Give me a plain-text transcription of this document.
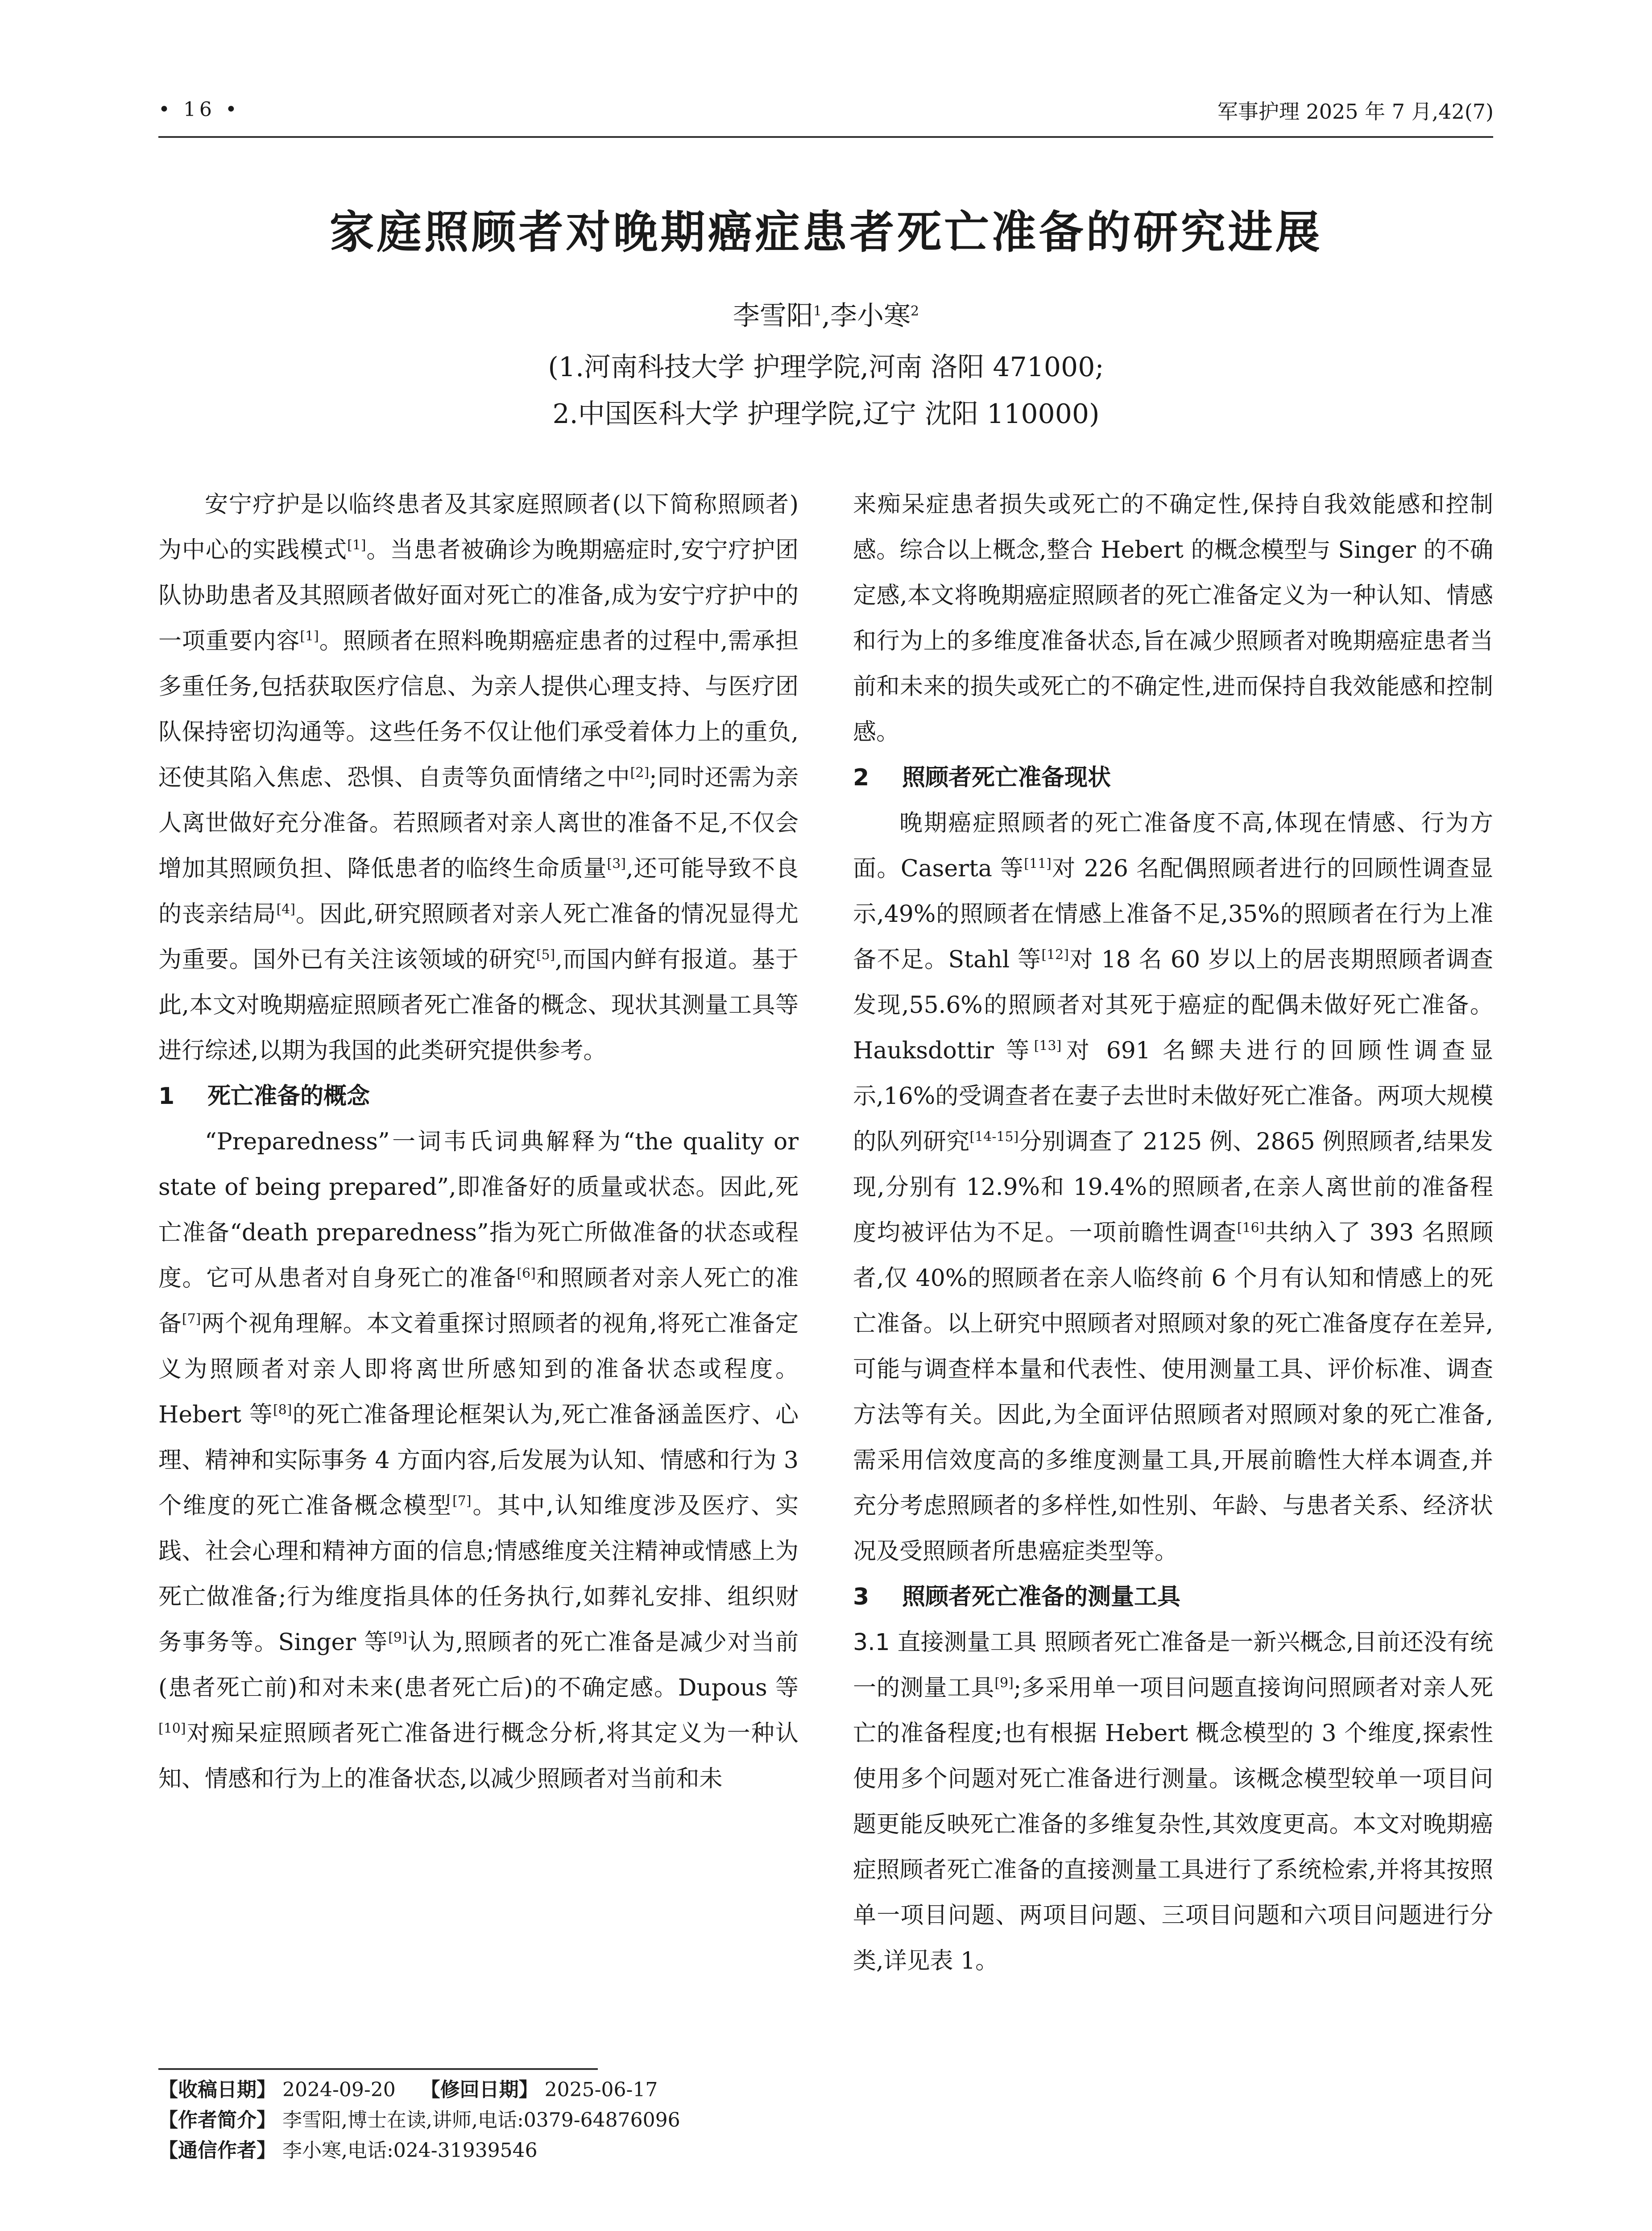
• 16 •	军事护理 2025 年 7 月,42(7)
家庭照顾者对晚期癌症患者死亡准备的研究进展
李雪阳$^1$,李小寒$^2$
(1.河南科技大学 护理学院,河南 洛阳 471000;
2.中国医科大学 护理学院,辽宁 沈阳 110000)

安宁疗护是以临终患者及其家庭照顾者(以下简称照顾者)为中心的实践模式[1]。当患者被确诊为晚期癌症时,安宁疗护团队协助患者及其照顾者做好面对死亡的准备,成为安宁疗护中的一项重要内容[1]。照顾者在照料晚期癌症患者的过程中,需承担多重任务,包括获取医疗信息、为亲人提供心理支持、与医疗团队保持密切沟通等。这些任务不仅让他们承受着体力上的重负,还使其陷入焦虑、恐惧、自责等负面情绪之中[2];同时还需为亲人离世做好充分准备。若照顾者对亲人离世的准备不足,不仅会增加其照顾负担、降低患者的临终生命质量[3],还可能导致不良的丧亲结局[4]。因此,研究照顾者对亲人死亡准备的情况显得尤为重要。国外已有关注该领域的研究[5],而国内鲜有报道。基于此,本文对晚期癌症照顾者死亡准备的概念、现状其测量工具等进行综述,以期为我国的此类研究提供参考。

1 死亡准备的概念

“Preparedness”一词韦氏词典解释为“the quality or state of being prepared”,即准备好的质量或状态。因此,死亡准备“death preparedness”指为死亡所做准备的状态或程度。它可从患者对自身死亡的准备[6]和照顾者对亲人死亡的准备[7]两个视角理解。本文着重探讨照顾者的视角,将死亡准备定义为照顾者对亲人即将离世所感知到的准备状态或程度。Hebert 等[8]的死亡准备理论框架认为,死亡准备涵盖医疗、心理、精神和实际事务 4 方面内容,后发展为认知、情感和行为 3 个维度的死亡准备概念模型[7]。其中,认知维度涉及医疗、实践、社会心理和精神方面的信息;情感维度关注精神或情感上为死亡做准备;行为维度指具体的任务执行,如葬礼安排、组织财务事务等。Singer 等[9]认为,照顾者的死亡准备是减少对当前(患者死亡前)和对未来(患者死亡后)的不确定感。Dupous 等[10]对痴呆症照顾者死亡准备进行概念分析,将其定义为一种认知、情感和行为上的准备状态,以减少照顾者对当前和未

来痴呆症患者损失或死亡的不确定性,保持自我效能感和控制感。综合以上概念,整合 Hebert 的概念模型与 Singer 的不确定感,本文将晚期癌症照顾者的死亡准备定义为一种认知、情感和行为上的多维度准备状态,旨在减少照顾者对晚期癌症患者当前和未来的损失或死亡的不确定性,进而保持自我效能感和控制感。

2 照顾者死亡准备现状

晚期癌症照顾者的死亡准备度不高,体现在情感、行为方面。Caserta 等[11]对 226 名配偶照顾者进行的回顾性调查显示,49%的照顾者在情感上准备不足,35%的照顾者在行为上准备不足。Stahl 等[12]对 18 名 60 岁以上的居丧期照顾者调查发现,55.6%的照顾者对其死于癌症的配偶未做好死亡准备。Hauksdottir 等[13]对 691 名鳏夫进行的回顾性调查显示,16%的受调查者在妻子去世时未做好死亡准备。两项大规模的队列研究[14-15]分别调查了 2125 例、2865 例照顾者,结果发现,分别有 12.9%和 19.4%的照顾者,在亲人离世前的准备程度均被评估为不足。一项前瞻性调查[16]共纳入了 393 名照顾者,仅 40%的照顾者在亲人临终前 6 个月有认知和情感上的死亡准备。以上研究中照顾者对照顾对象的死亡准备度存在差异,可能与调查样本量和代表性、使用测量工具、评价标准、调查方法等有关。因此,为全面评估照顾者对照顾对象的死亡准备,需采用信效度高的多维度测量工具,开展前瞻性大样本调查,并充分考虑照顾者的多样性,如性别、年龄、与患者关系、经济状况及受照顾者所患癌症类型等。

3 照顾者死亡准备的测量工具

3.1 直接测量工具 照顾者死亡准备是一新兴概念,目前还没有统一的测量工具[9];多采用单一项目问题直接询问照顾者对亲人死亡的准备程度;也有根据 Hebert 概念模型的 3 个维度,探索性使用多个问题对死亡准备进行测量。该概念模型较单一项目问题更能反映死亡准备的多维复杂性,其效度更高。本文对晚期癌症照顾者死亡准备的直接测量工具进行了系统检索,并将其按照单一项目问题、两项目问题、三项目问题和六项目问题进行分类,详见表 1。

【收稿日期】 2024-09-20 【修回日期】 2025-06-17
【作者简介】 李雪阳,博士在读,讲师,电话:0379-64876096
【通信作者】 李小寒,电话:024-31939546
